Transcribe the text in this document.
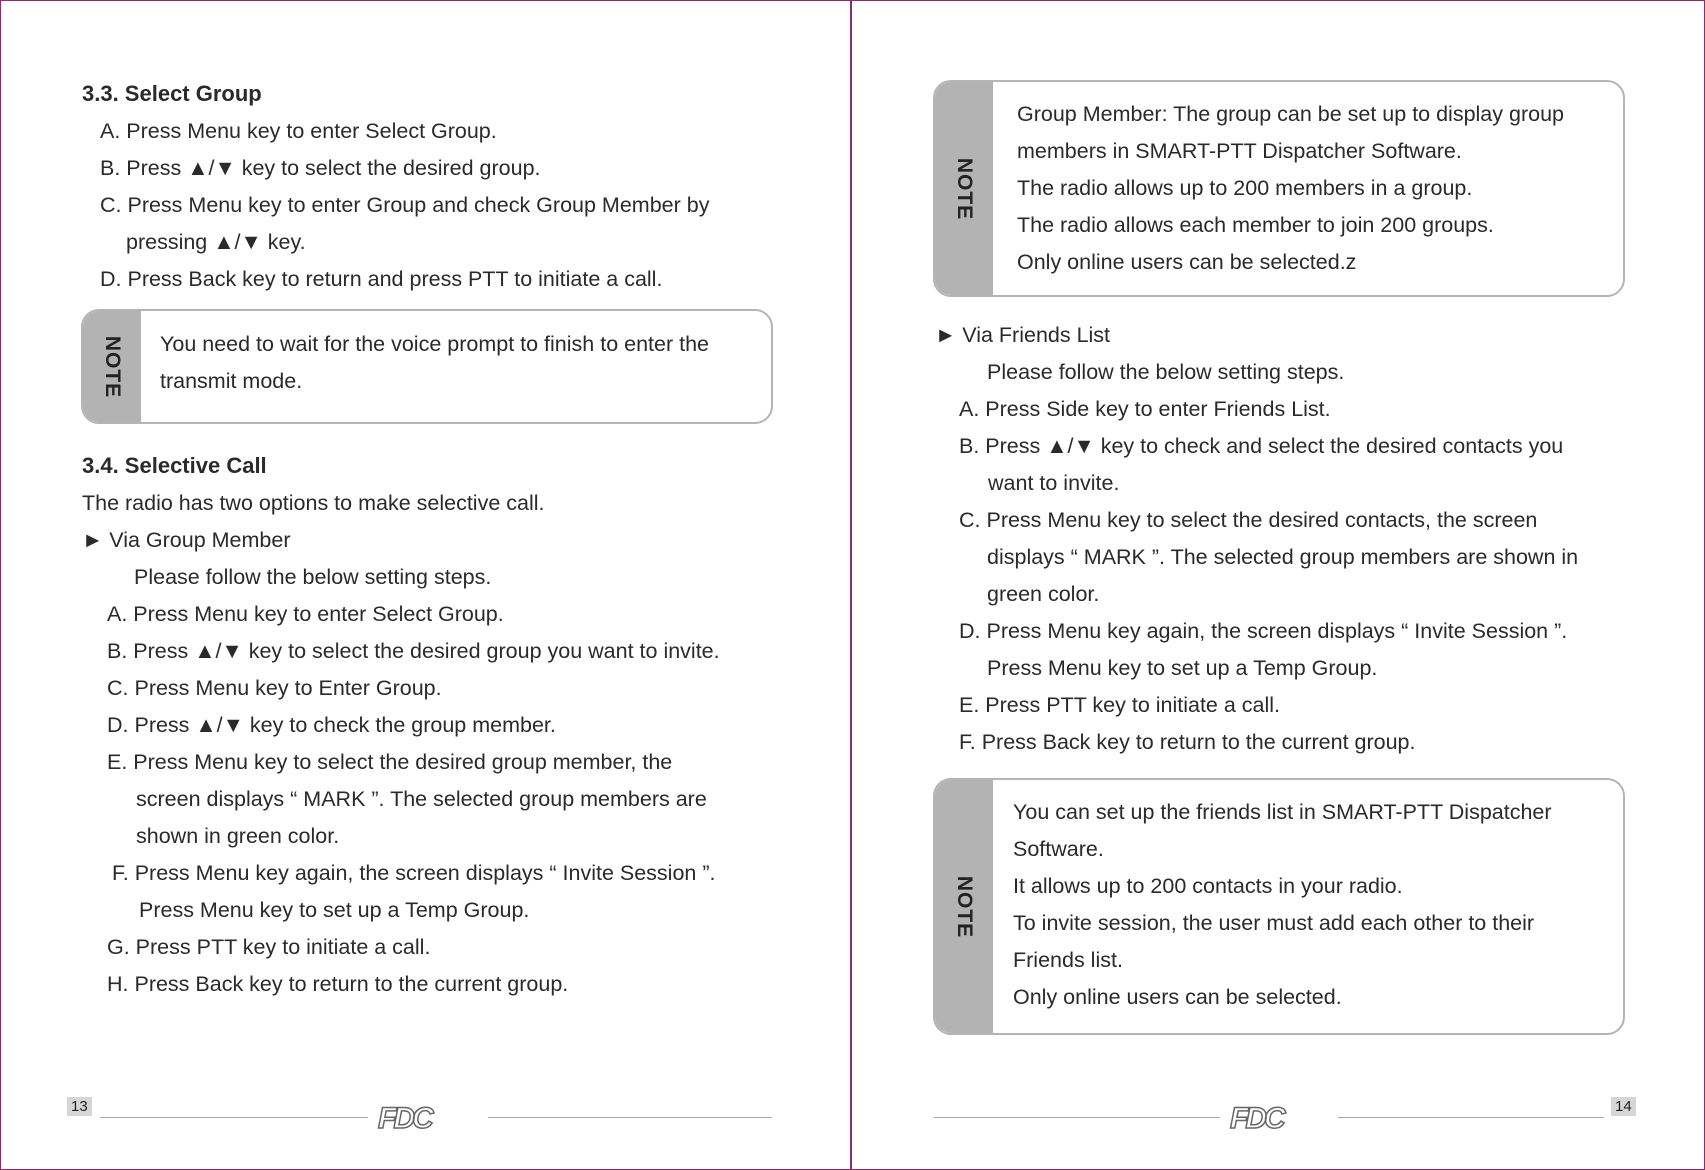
3.3. Select Group
A. Press Menu key to enter Select Group.
B. Press ▲/▼ key to select the desired group.
C. Press Menu key to enter Group and check Group Member by
pressing ▲/▼ key.
D. Press Back key to return and press PTT to initiate a call.
NOTE You need to wait for the voice prompt to finish to enter the
transmit mode.
3.4. Selective Call
The radio has two options to make selective call.
► Via Group Member
Please follow the below setting steps.
A. Press Menu key to enter Select Group.
B. Press ▲/▼ key to select the desired group you want to invite.
C. Press Menu key to Enter Group.
D. Press ▲/▼ key to check the group member.
E. Press Menu key to select the desired group member, the
screen displays “ MARK ”. The selected group members are
shown in green color.
F. Press Menu key again, the screen displays “ Invite Session ”.
Press Menu key to set up a Temp Group.
G. Press PTT key to initiate a call.
H. Press Back key to return to the current group.
13	FDC
NOTE
Group Member: The group can be set up to display group
members in SMART-PTT Dispatcher Software.
The radio allows up to 200 members in a group.
The radio allows each member to join 200 groups.
Only online users can be selected.z
► Via Friends List
Please follow the below setting steps.
A. Press Side key to enter Friends List.
B. Press ▲/▼ key to check and select the desired contacts you
want to invite.
C. Press Menu key to select the desired contacts, the screen
displays “ MARK ”. The selected group members are shown in
green color.
D. Press Menu key again, the screen displays “ Invite Session ”.
Press Menu key to set up a Temp Group.
E. Press PTT key to initiate a call.
F. Press Back key to return to the current group.
NOTE
You can set up the friends list in SMART-PTT Dispatcher
Software.
It allows up to 200 contacts in your radio.
To invite session, the user must add each other to their
Friends list.
Only online users can be selected.
FDC	14
